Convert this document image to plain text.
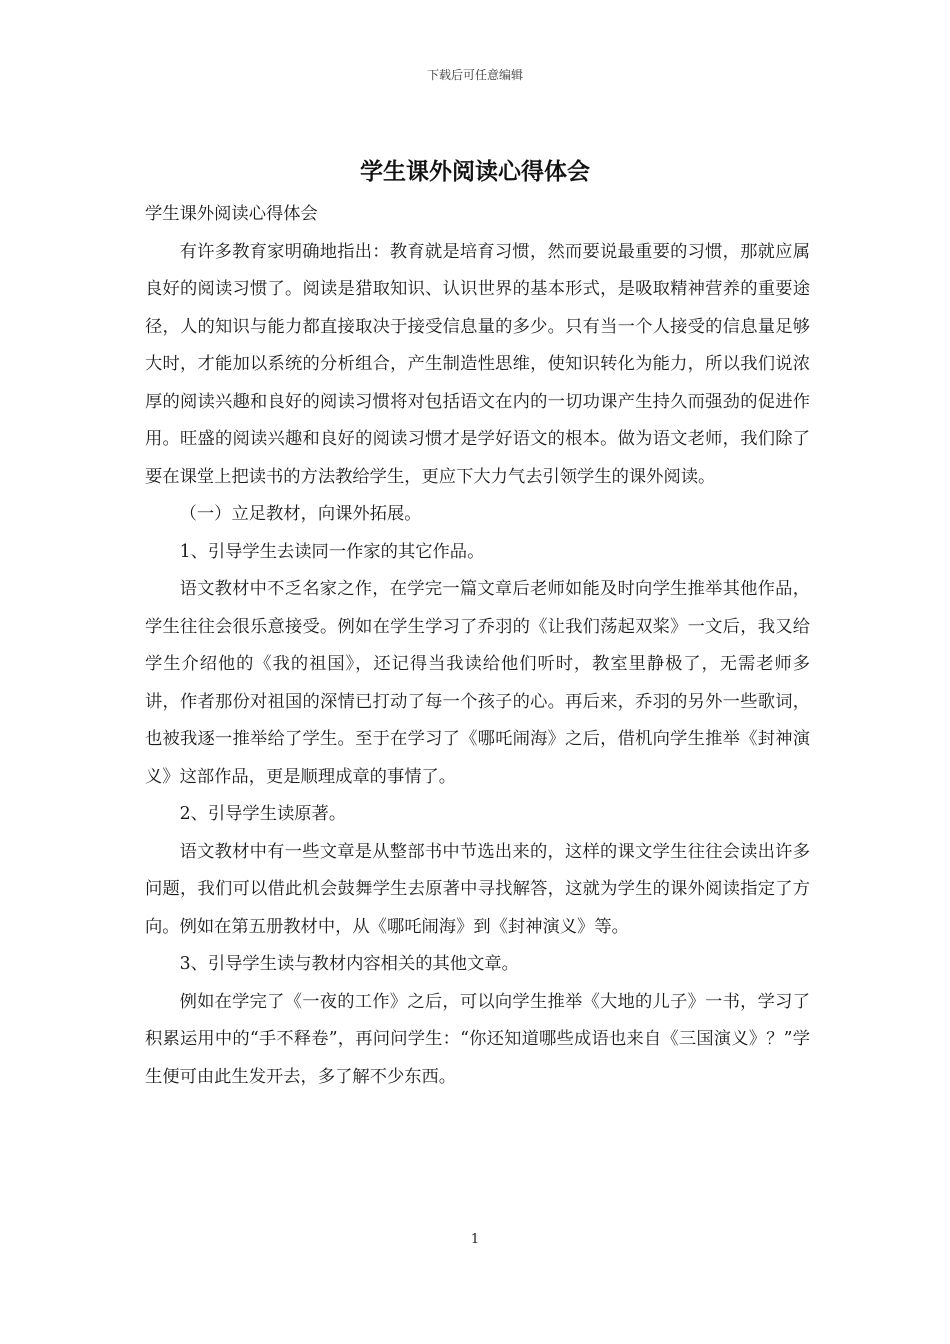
下载后可任意编辑
学生课外阅读心得体会

学生课外阅读心得体会

有许多教育家明确地指出：教育就是培育习惯，然而要说最重要的习惯，那就应属良好的阅读习惯了。阅读是猎取知识、认识世界的基本形式，是吸取精神营养的重要途径，人的知识与能力都直接取决于接受信息量的多少。只有当一个人接受的信息量足够大时，才能加以系统的分析组合，产生制造性思维，使知识转化为能力，所以我们说浓厚的阅读兴趣和良好的阅读习惯将对包括语文在内的一切功课产生持久而强劲的促进作用。旺盛的阅读兴趣和良好的阅读习惯才是学好语文的根本。做为语文老师，我们除了要在课堂上把读书的方法教给学生，更应下大力气去引领学生的课外阅读。

（一）立足教材，向课外拓展。

1、引导学生去读同一作家的其它作品。

语文教材中不乏名家之作，在学完一篇文章后老师如能及时向学生推举其他作品，学生往往会很乐意接受。例如在学生学习了乔羽的《让我们荡起双桨》一文后，我又给学生介绍他的《我的祖国》，还记得当我读给他们听时，教室里静极了，无需老师多讲，作者那份对祖国的深情已打动了每一个孩子的心。再后来，乔羽的另外一些歌词，也被我逐一推举给了学生。至于在学习了《哪吒闹海》之后，借机向学生推举《封神演义》这部作品，更是顺理成章的事情了。

2、引导学生读原著。

语文教材中有一些文章是从整部书中节选出来的，这样的课文学生往往会读出许多问题，我们可以借此机会鼓舞学生去原著中寻找解答，这就为学生的课外阅读指定了方向。例如在第五册教材中，从《哪吒闹海》到《封神演义》等。

3、引导学生读与教材内容相关的其他文章。

例如在学完了《一夜的工作》之后，可以向学生推举《大地的儿子》一书，学习了积累运用中的“手不释卷”，再问问学生：“你还知道哪些成语也来自《三国演义》？”学生便可由此生发开去，多了解不少东西。

1
